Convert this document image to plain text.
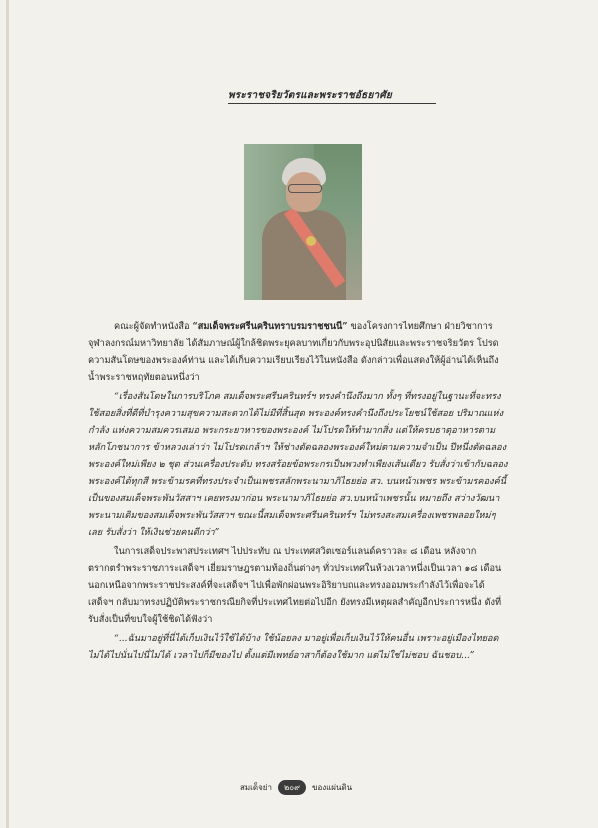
พระราชจริยวัตรและพระราชอัธยาศัย

คณะผู้จัดทำหนังสือ “สมเด็จพระศรีนครินทราบรมราชชนนี” ของโครงการไทยศึกษา ฝ่ายวิชาการ จุฬาลงกรณ์มหาวิทยาลัย ได้สัมภาษณ์ผู้ใกล้ชิดพระยุคลบาทเกี่ยวกับพระอุปนิสัยและพระราชจริยวัตร โปรดความสันโดษของพระองค์ท่าน และได้เก็บความเรียบเรียงไว้ในหนังสือ ดังกล่าวเพื่อแสดงให้ผู้อ่านได้เห็นถึงน้ำพระราชหฤทัยตอนหนึ่งว่า

“เรื่องสันโดษในการบริโภค สมเด็จพระศรีนครินทร์ฯ ทรงคำนึงถึงมาก ทั้งๆ ที่ทรงอยู่ในฐานะที่จะทรงใช้สอยสิ่งที่ดีที่บำรุงความสุขความสะดวกได้ไม่มีที่สิ้นสุด พระองค์ทรงคำนึงถึงประโยชน์ใช้สอย ปริมาณแห่งกำลัง แห่งความสมควรเสมอ พระกระยาหารของพระองค์ ไม่โปรดให้ทำมากสิ่ง แต่ให้ครบธาตุอาหารตามหลักโภชนาการ ข้าหลวงเล่าว่า ไม่โปรดเกล้าฯ ให้ช่างตัดฉลองพระองค์ใหม่ตามความจำเป็น ปีหนึ่งตัดฉลองพระองค์ใหม่เพียง ๒ ชุด ส่วนเครื่องประดับ ทรงสร้อยข้อพระกรเป็นพวงทำเพียงเส้นเดียว รับสั่งว่าเข้ากับฉลองพระองค์ได้ทุกสี พระข้ามรคที่ทรงประจำเป็นเพชรสลักพระนามาภิไธยย่อ สว. บนหน้าเพชร พระข้ามรคองค์นี้เป็นของสมเด็จพระพันวัสสาฯ เคยทรงมาก่อน พระนามาภิไธยย่อ สว.บนหน้าเพชรนั้น หมายถึง สว่างวัฒนา พระนามเดิมของสมเด็จพระพันวัสสาฯ ขณะนี้สมเด็จพระศรีนครินทร์ฯ ไม่ทรงสะสมเครื่องเพชรพลอยใหม่ๆ เลย รับสั่งว่า ให้เงินช่วยคนดีกว่า”

ในการเสด็จประพาสประเทศฯ ไปประทับ ณ ประเทศสวิตเซอร์แลนด์คราวละ ๘ เดือน หลังจากตรากตรำพระราชภาระเสด็จฯ เยี่ยมราษฎรตามท้องถิ่นต่างๆ ทั่วประเทศในห้วงเวลาหนึ่งเป็นเวลา ๑๘ เดือน นอกเหนือจากพระราชประสงค์ที่จะเสด็จฯ ไปเพื่อพักผ่อนพระอิริยาบถและทรงออมพระกำลังไว้เพื่อจะได้เสด็จฯ กลับมาทรงปฏิบัติพระราชกรณียกิจที่ประเทศไทยต่อไปอีก ยังทรงมีเหตุผลสำคัญอีกประการหนึ่ง ดังที่รับสั่งเป็นที่ขบใจผู้ใช้ชิดได้ฟังว่า

“...ฉันมาอยู่ที่นี่ได้เก็บเงินไว้ใช้ได้บ้าง ใช้น้อยลง มาอยู่เพื่อเก็บเงินไว้ให้คนอื่น เพราะอยู่เมืองไทยอดไม่ได้ไปนั่นไปนี่ไม่ได้ เวลาไปก็มีของไป ตั้งแต่มีเพทย์อาสาก็ต้องใช้มาก แต่ไม่ใช่ไม่ชอบ ฉันชอบ...”

สมเด็จย่า	๒๐๙	ของแผ่นดิน
